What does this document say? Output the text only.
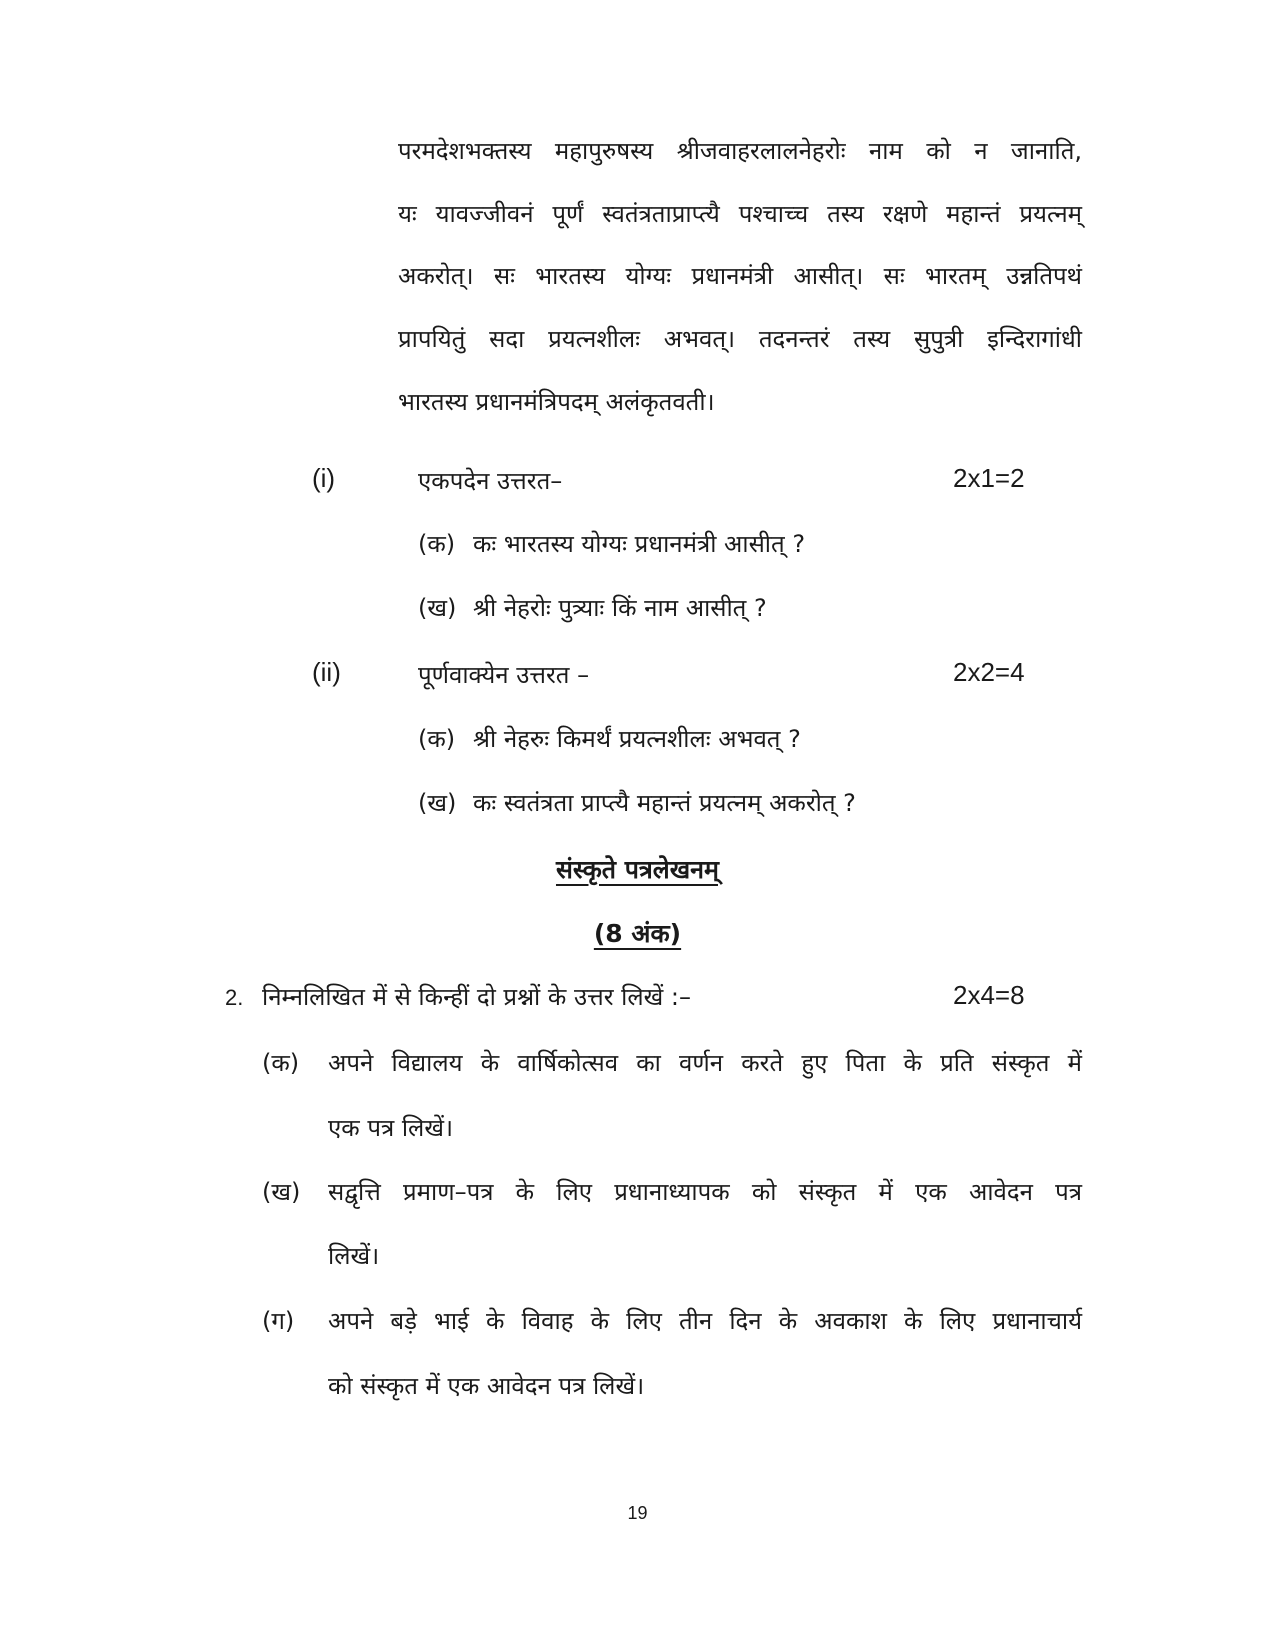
परमदेशभक्तस्य महापुरुषस्य श्रीजवाहरलालनेहरोः नाम को न जानाति,
यः यावज्जीवनं पूर्णं स्वतंत्रताप्राप्त्यै पश्चाच्च तस्य रक्षणे महान्तं प्रयत्नम्
अकरोत्। सः भारतस्य योग्यः प्रधानमंत्री आसीत्। सः भारतम् उन्नतिपथं
प्रापयितुं सदा प्रयत्नशीलः अभवत्। तदनन्तरं तस्य सुपुत्री इन्दिरागांधी
भारतस्य प्रधानमंत्रिपदम् अलंकृतवती।
(i)	एकपदेन उत्तरत–	2x1=2
(क) कः भारतस्य योग्यः प्रधानमंत्री आसीत् ?
(ख) श्री नेहरोः पुत्र्याः किं नाम आसीत् ?
(ii)	पूर्णवाक्येन उत्तरत –	2x2=4
(क) श्री नेहरुः किमर्थं प्रयत्नशीलः अभवत् ?
(ख) कः स्वतंत्रता प्राप्त्यै महान्तं प्रयत्नम् अकरोत् ?
संस्कृते पत्रलेखनम्
(8 अंक)
2. निम्नलिखित में से किन्हीं दो प्रश्नों के उत्तर लिखें :–	2x4=8
(क) अपने विद्यालय के वार्षिकोत्सव का वर्णन करते हुए पिता के प्रति संस्कृत में
एक पत्र लिखें।
(ख) सद्वृत्ति प्रमाण–पत्र के लिए प्रधानाध्यापक को संस्कृत में एक आवेदन पत्र
लिखें।
(ग) अपने बड़े भाई के विवाह के लिए तीन दिन के अवकाश के लिए प्रधानाचार्य
को संस्कृत में एक आवेदन पत्र लिखें।
19
